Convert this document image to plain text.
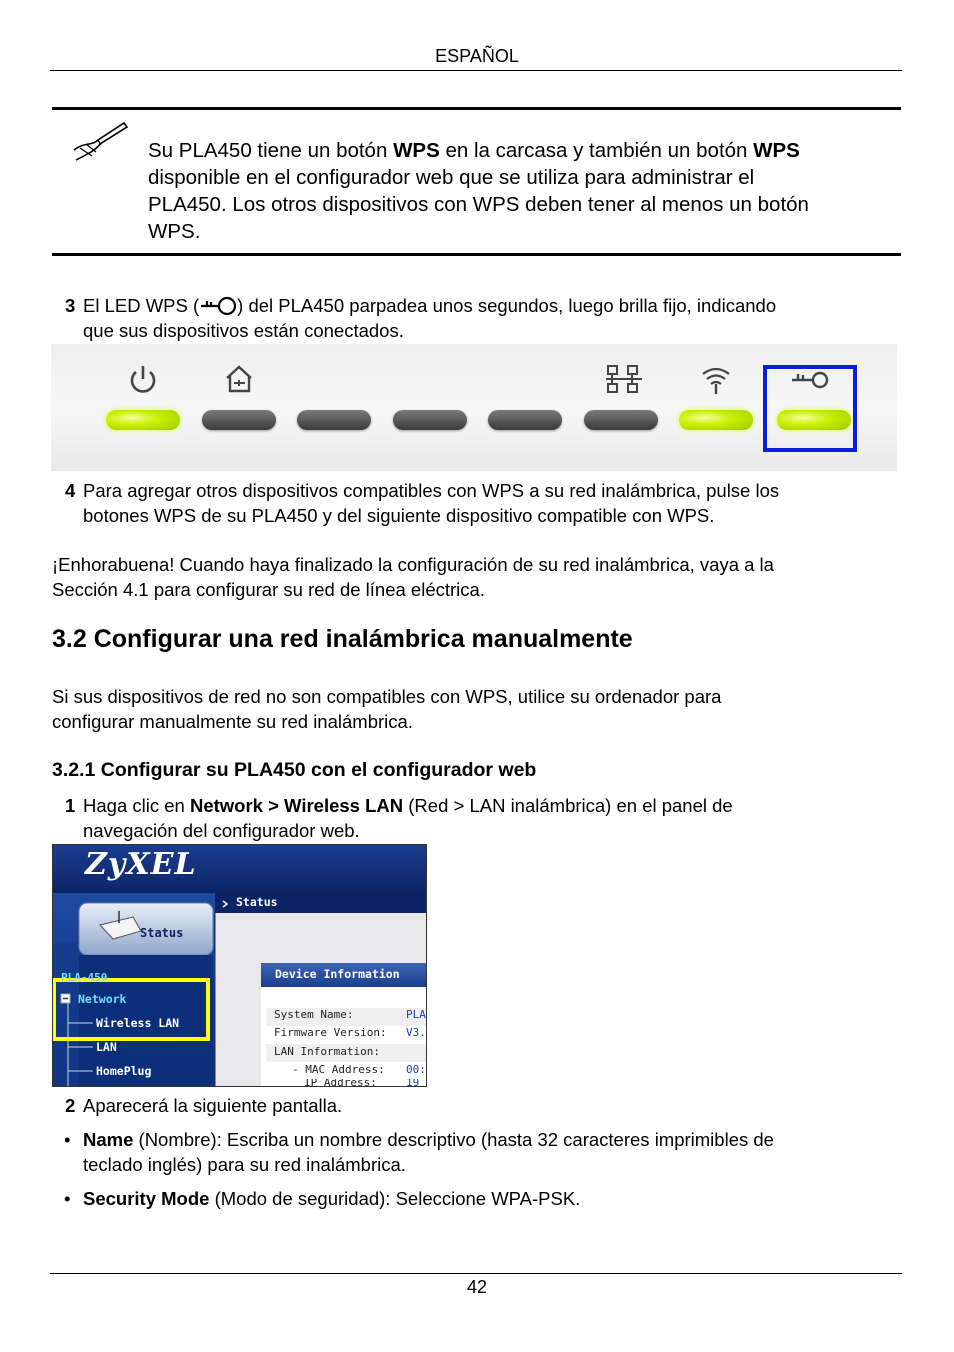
ESPAÑOL
Su PLA450 tiene un botón WPS en la carcasa y también un botón WPS
disponible en el configurador web que se utiliza para administrar el
PLA450. Los otros dispositivos con WPS deben tener al menos un botón
WPS.
3 El LED WPS ( ) del PLA450 parpadea unos segundos, luego brilla fijo, indicando
que sus dispositivos están conectados.
4 Para agregar otros dispositivos compatibles con WPS a su red inalámbrica, pulse los
botones WPS de su PLA450 y del siguiente dispositivo compatible con WPS.
¡Enhorabuena! Cuando haya finalizado la configuración de su red inalámbrica, vaya a la
Sección 4.1 para configurar su red de línea eléctrica.
3.2 Configurar una red inalámbrica manualmente
Si sus dispositivos de red no son compatibles con WPS, utilice su ordenador para
configurar manualmente su red inalámbrica.
3.2.1 Configurar su PLA450 con el configurador web
1 Haga clic en Network > Wireless LAN (Red > LAN inalámbrica) en el panel de
navegación del configurador web.
ZyXEL
Status
Status
PLA-450
Network
Wireless LAN
LAN
HomePlug
Device Information
System Name:	PLA
Firmware Version: V3.
LAN Information:
- MAC Address: 00:
IP Address:	19
2 Aparecerá la siguiente pantalla.
• Name (Nombre): Escriba un nombre descriptivo (hasta 32 caracteres imprimibles de
teclado inglés) para su red inalámbrica.
• Security Mode (Modo de seguridad): Seleccione WPA-PSK.
42
